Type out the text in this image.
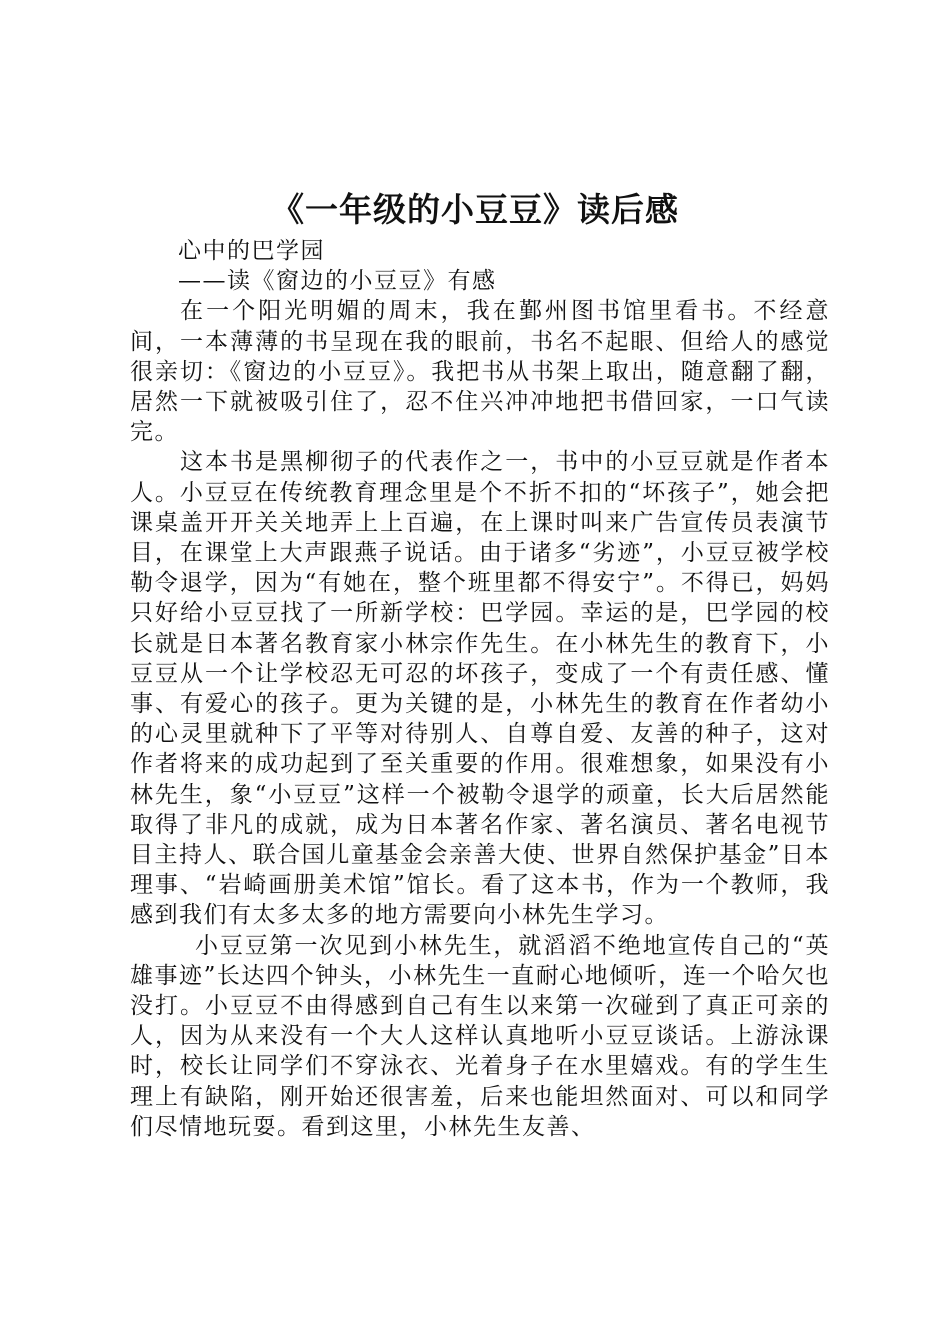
《一年级的小豆豆》读后感

心中的巴学园

——读《窗边的小豆豆》有感

在一个阳光明媚的周末，我在鄞州图书馆里看书。不经意间，一本薄薄的书呈现在我的眼前，书名不起眼、但给人的感觉很亲切：《窗边的小豆豆》。我把书从书架上取出，随意翻了翻，居然一下就被吸引住了，忍不住兴冲冲地把书借回家，一口气读完。

这本书是黑柳彻子的代表作之一，书中的小豆豆就是作者本人。小豆豆在传统教育理念里是个不折不扣的“坏孩子”，她会把课桌盖开开关关地弄上上百遍，在上课时叫来广告宣传员表演节目，在课堂上大声跟燕子说话。由于诸多“劣迹”，小豆豆被学校勒令退学，因为“有她在，整个班里都不得安宁”。不得已，妈妈只好给小豆豆找了一所新学校：巴学园。幸运的是，巴学园的校长就是日本著名教育家小林宗作先生。在小林先生的教育下，小豆豆从一个让学校忍无可忍的坏孩子，变成了一个有责任感、懂事、有爱心的孩子。更为关键的是，小林先生的教育在作者幼小的心灵里就种下了平等对待别人、自尊自爱、友善的种子，这对作者将来的成功起到了至关重要的作用。很难想象，如果没有小林先生，象“小豆豆”这样一个被勒令退学的顽童，长大后居然能取得了非凡的成就，成为日本著名作家、著名演员、著名电视节目主持人、联合国儿童基金会亲善大使、世界自然保护基金”日本理事、“岩崎画册美术馆”馆长。看了这本书，作为一个教师，我感到我们有太多太多的地方需要向小林先生学习。

小豆豆第一次见到小林先生，就滔滔不绝地宣传自己的“英雄事迹”长达四个钟头，小林先生一直耐心地倾听，连一个哈欠也没打。小豆豆不由得感到自己有生以来第一次碰到了真正可亲的人，因为从来没有一个大人这样认真地听小豆豆谈话。上游泳课时，校长让同学们不穿泳衣、光着身子在水里嬉戏。有的学生生理上有缺陷，刚开始还很害羞，后来也能坦然面对、可以和同学们尽情地玩耍。看到这里，小林先生友善、
